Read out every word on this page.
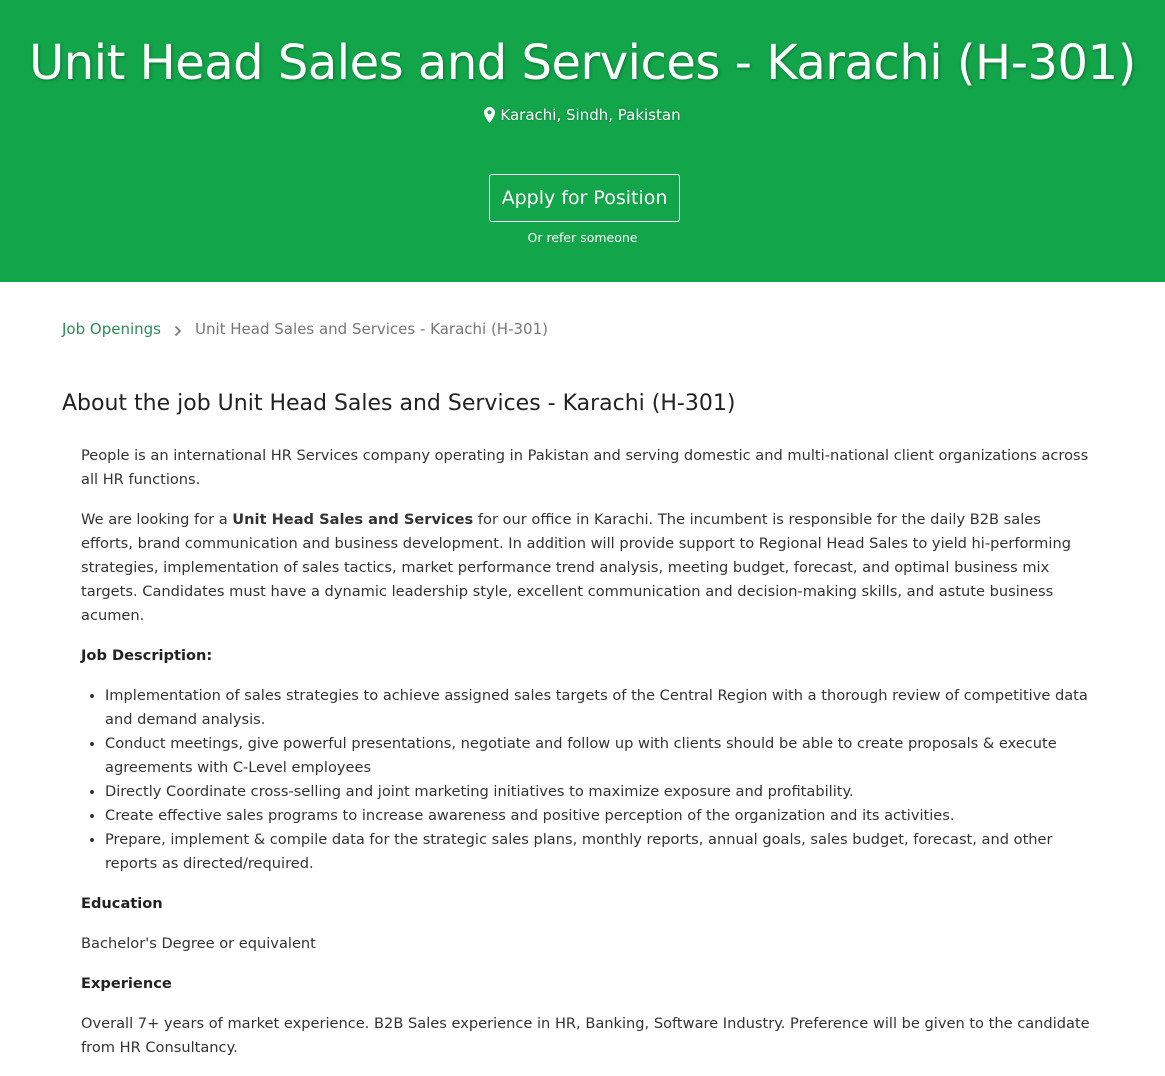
Unit Head Sales and Services - Karachi (H-301)
Karachi, Sindh, Pakistan
Apply for Position
Or refer someone
Job Openings Unit Head Sales and Services - Karachi (H-301)
About the job Unit Head Sales and Services - Karachi (H-301)

People is an international HR Services company operating in Pakistan and serving domestic and multi-national client organizations across all HR functions.

We are looking for a Unit Head Sales and Services for our office in Karachi. The incumbent is responsible for the daily B2B sales efforts, brand communication and business development. In addition will provide support to Regional Head Sales to yield hi-performing strategies, implementation of sales tactics, market performance trend analysis, meeting budget, forecast, and optimal business mix targets. Candidates must have a dynamic leadership style, excellent communication and decision-making skills, and astute business acumen.

Job Description:

• Implementation of sales strategies to achieve assigned sales targets of the Central Region with a thorough review of competitive data and demand analysis.
• Conduct meetings, give powerful presentations, negotiate and follow up with clients should be able to create proposals & execute agreements with C-Level employees
• Directly Coordinate cross-selling and joint marketing initiatives to maximize exposure and profitability.
• Create effective sales programs to increase awareness and positive perception of the organization and its activities.
• Prepare, implement & compile data for the strategic sales plans, monthly reports, annual goals, sales budget, forecast, and other reports as directed/required.

Education

Bachelor's Degree or equivalent

Experience

Overall 7+ years of market experience. B2B Sales experience in HR, Banking, Software Industry. Preference will be given to the candidate from HR Consultancy.
